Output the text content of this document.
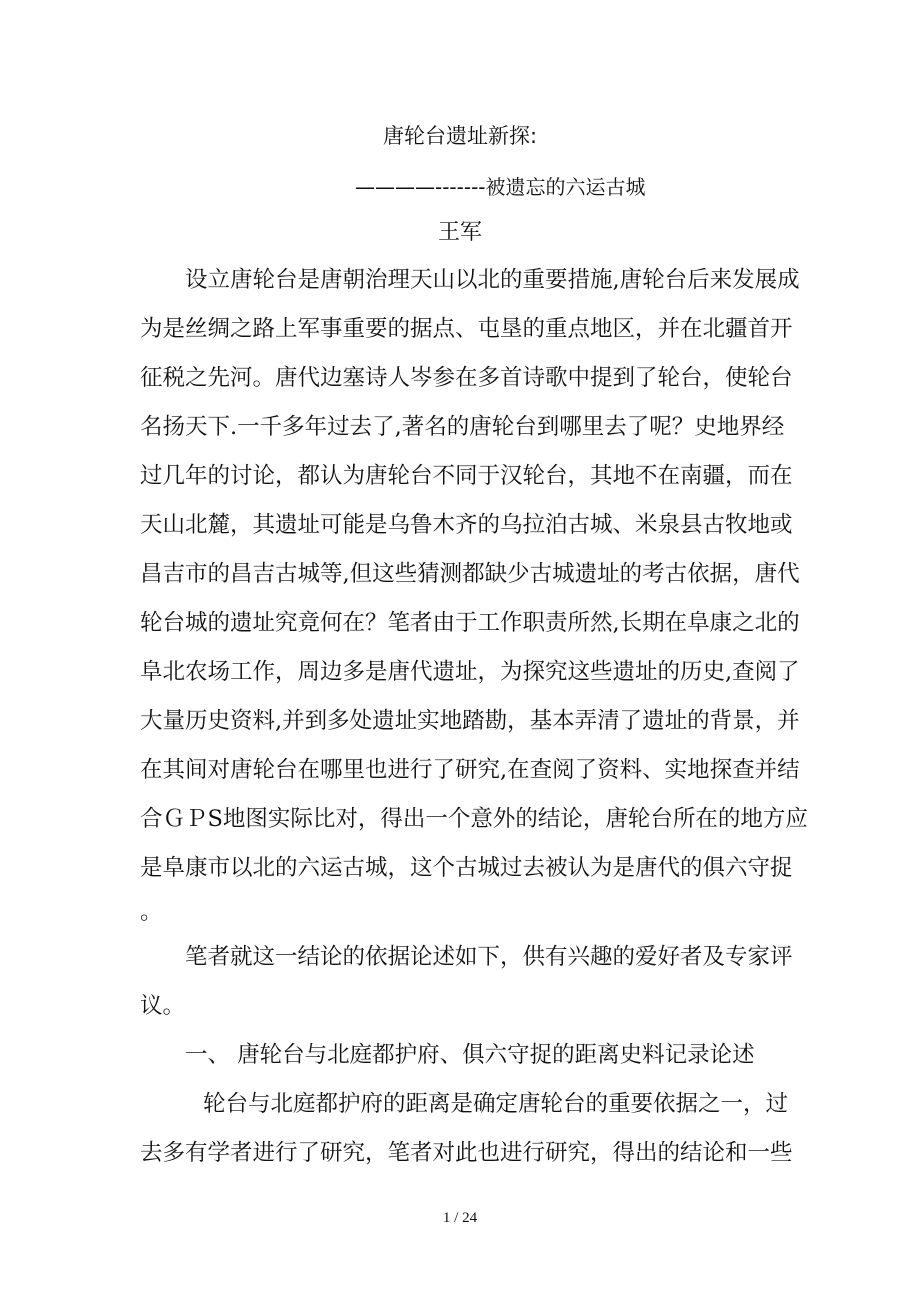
唐轮台遗址新探:
————-------被遗忘的六运古城
王军
设立唐轮台是唐朝治理天山以北的重要措施,唐轮台后来发展成
为是丝绸之路上军事重要的据点、屯垦的重点地区，并在北疆首开
征税之先河。唐代边塞诗人岑参在多首诗歌中提到了轮台，使轮台
名扬天下.一千多年过去了,著名的唐轮台到哪里去了呢？史地界经
过几年的讨论，都认为唐轮台不同于汉轮台，其地不在南疆，而在
天山北麓，其遗址可能是乌鲁木齐的乌拉泊古城、米泉县古牧地或
昌吉市的昌吉古城等,但这些猜测都缺少古城遗址的考古依据，唐代
轮台城的遗址究竟何在？笔者由于工作职责所然,长期在阜康之北的
阜北农场工作，周边多是唐代遗址，为探究这些遗址的历史,查阅了
大量历史资料,并到多处遗址实地踏勘，基本弄清了遗址的背景，并
在其间对唐轮台在哪里也进行了研究,在查阅了资料、实地探查并结
合ＧＰS地图实际比对，得出一个意外的结论，唐轮台所在的地方应
是阜康市以北的六运古城，这个古城过去被认为是唐代的俱六守捉
。
笔者就这一结论的依据论述如下，供有兴趣的爱好者及专家评
议。
一、 唐轮台与北庭都护府、俱六守捉的距离史料记录论述
轮台与北庭都护府的距离是确定唐轮台的重要依据之一，过
去多有学者进行了研究，笔者对此也进行研究，得出的结论和一些
1 / 24
